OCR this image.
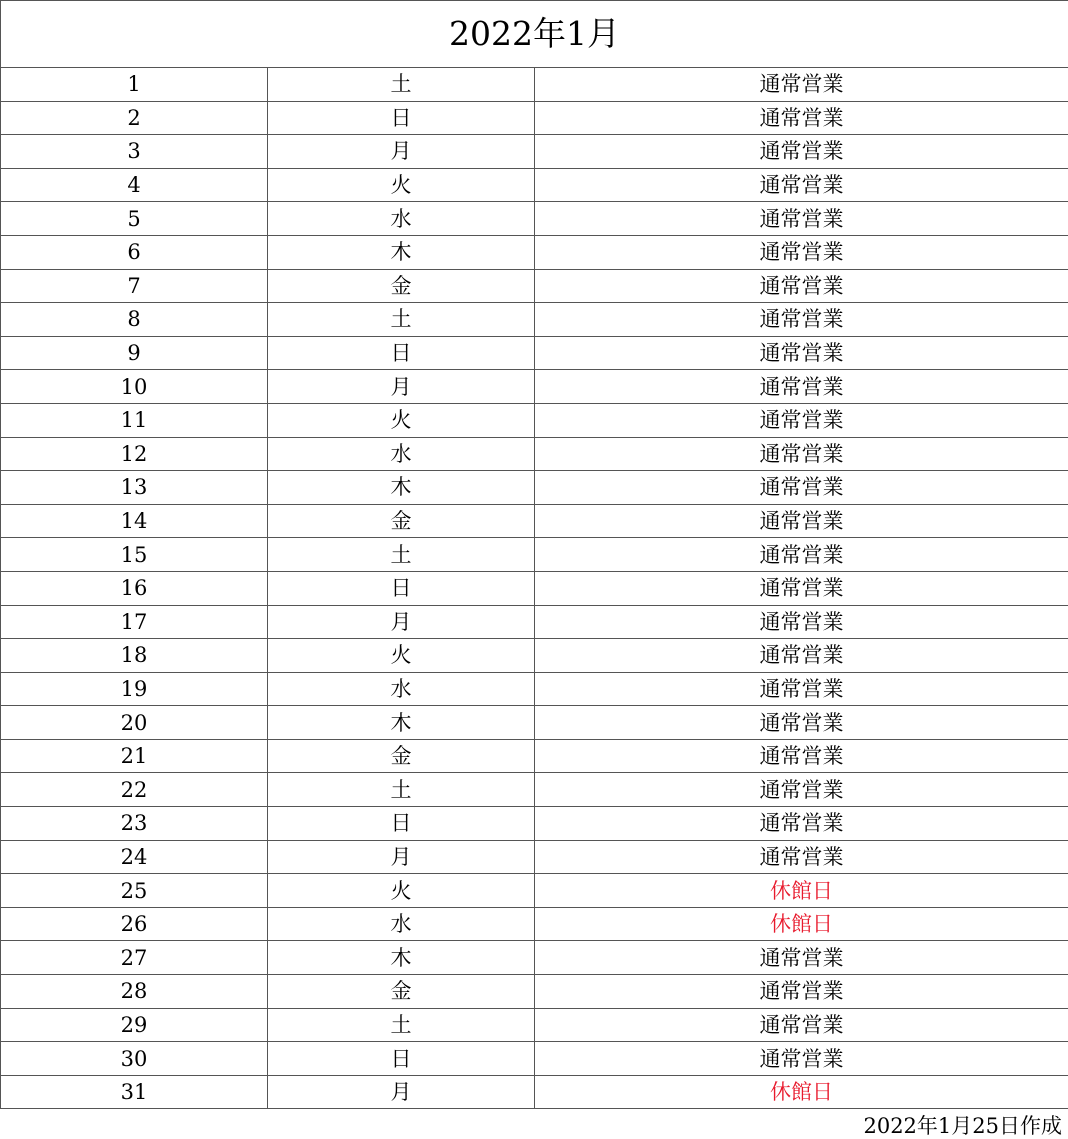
2022年1月		
1	土	通常営業
2	日	通常営業
3	月	通常営業
4	火	通常営業
5	水	通常営業
6	木	通常営業
7	金	通常営業
8	土	通常営業
9	日	通常営業
10	月	通常営業
11	火	通常営業
12	水	通常営業
13	木	通常営業
14	金	通常営業
15	土	通常営業
16	日	通常営業
17	月	通常営業
18	火	通常営業
19	水	通常営業
20	木	通常営業
21	金	通常営業
22	土	通常営業
23	日	通常営業
24	月	通常営業
25	火	休館日
26	水	休館日
27	木	通常営業
28	金	通常営業
29	土	通常営業
30	日	通常営業
31	月	休館日
2022年1月25日作成
